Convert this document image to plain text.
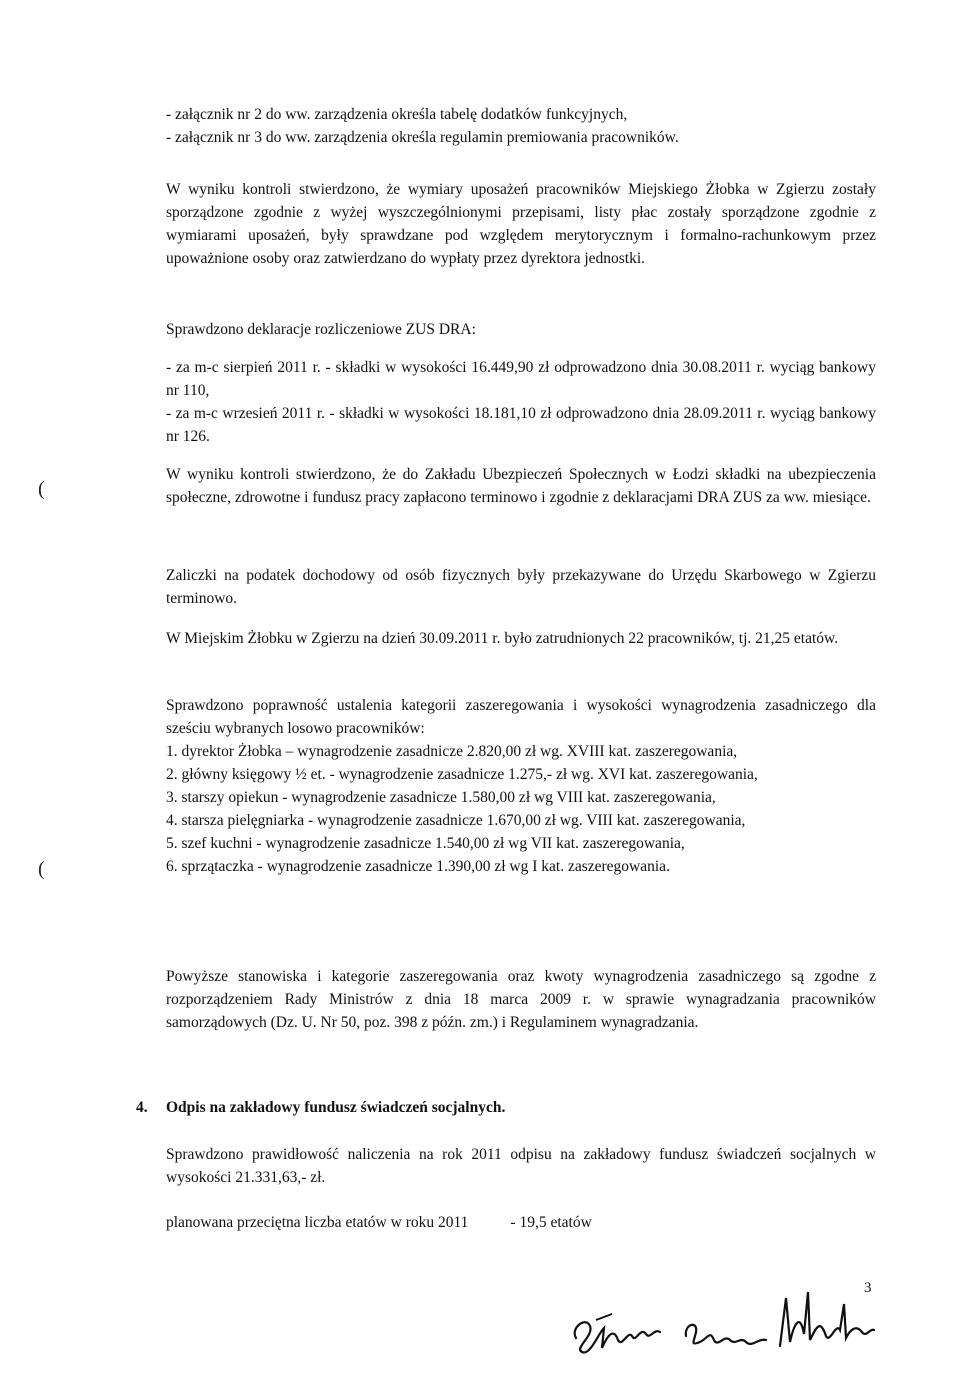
(
(

- załącznik nr 2 do ww. zarządzenia określa tabelę dodatków funkcyjnych,

- załącznik nr 3 do ww. zarządzenia określa regulamin premiowania pracowników.

W wyniku kontroli stwierdzono, że wymiary uposażeń pracowników Miejskiego Żłobka w Zgierzu zostały sporządzone zgodnie z wyżej wyszczególnionymi przepisami, listy płac zostały sporządzone zgodnie z wymiarami uposażeń, były sprawdzane pod względem merytorycznym i formalno-rachunkowym przez upoważnione osoby oraz zatwierdzano do wypłaty przez dyrektora jednostki.

Sprawdzono deklaracje rozliczeniowe ZUS DRA:

- za m-c sierpień 2011 r. - składki w wysokości 16.449,90 zł odprowadzono dnia 30.08.2011 r. wyciąg bankowy nr 110,

- za m-c wrzesień 2011 r. - składki w wysokości 18.181,10 zł odprowadzono dnia 28.09.2011 r. wyciąg bankowy nr 126.

W wyniku kontroli stwierdzono, że do Zakładu Ubezpieczeń Społecznych w Łodzi składki na ubezpieczenia społeczne, zdrowotne i fundusz pracy zapłacono terminowo i zgodnie z deklaracjami DRA ZUS za ww. miesiące.

Zaliczki na podatek dochodowy od osób fizycznych były przekazywane do Urzędu Skarbowego w Zgierzu terminowo.

W Miejskim Żłobku w Zgierzu na dzień 30.09.2011 r. było zatrudnionych 22 pracowników, tj. 21,25 etatów.

Sprawdzono poprawność ustalenia kategorii zaszeregowania i wysokości wynagrodzenia zasadniczego dla sześciu wybranych losowo pracowników:

1. dyrektor Żłobka – wynagrodzenie zasadnicze 2.820,00 zł wg. XVIII kat. zaszeregowania,

2. główny księgowy ½ et. - wynagrodzenie zasadnicze 1.275,- zł wg. XVI kat. zaszeregowania,

3. starszy opiekun - wynagrodzenie zasadnicze 1.580,00 zł wg VIII kat. zaszeregowania,

4. starsza pielęgniarka - wynagrodzenie zasadnicze 1.670,00 zł wg. VIII kat. zaszeregowania,

5. szef kuchni - wynagrodzenie zasadnicze 1.540,00 zł wg VII kat. zaszeregowania,

6. sprzątaczka - wynagrodzenie zasadnicze 1.390,00 zł wg I kat. zaszeregowania.

Powyższe stanowiska i kategorie zaszeregowania oraz kwoty wynagrodzenia zasadniczego są zgodne z rozporządzeniem Rady Ministrów z dnia 18 marca 2009 r. w sprawie wynagradzania pracowników samorządowych (Dz. U. Nr 50, poz. 398 z późn. zm.) i Regulaminem wynagradzania.

4. Odpis na zakładowy fundusz świadczeń socjalnych.

Sprawdzono prawidłowość naliczenia na rok 2011 odpisu na zakładowy fundusz świadczeń socjalnych w wysokości 21.331,63,- zł.

planowana przeciętna liczba etatów w roku 2011	- 19,5 etatów

3
